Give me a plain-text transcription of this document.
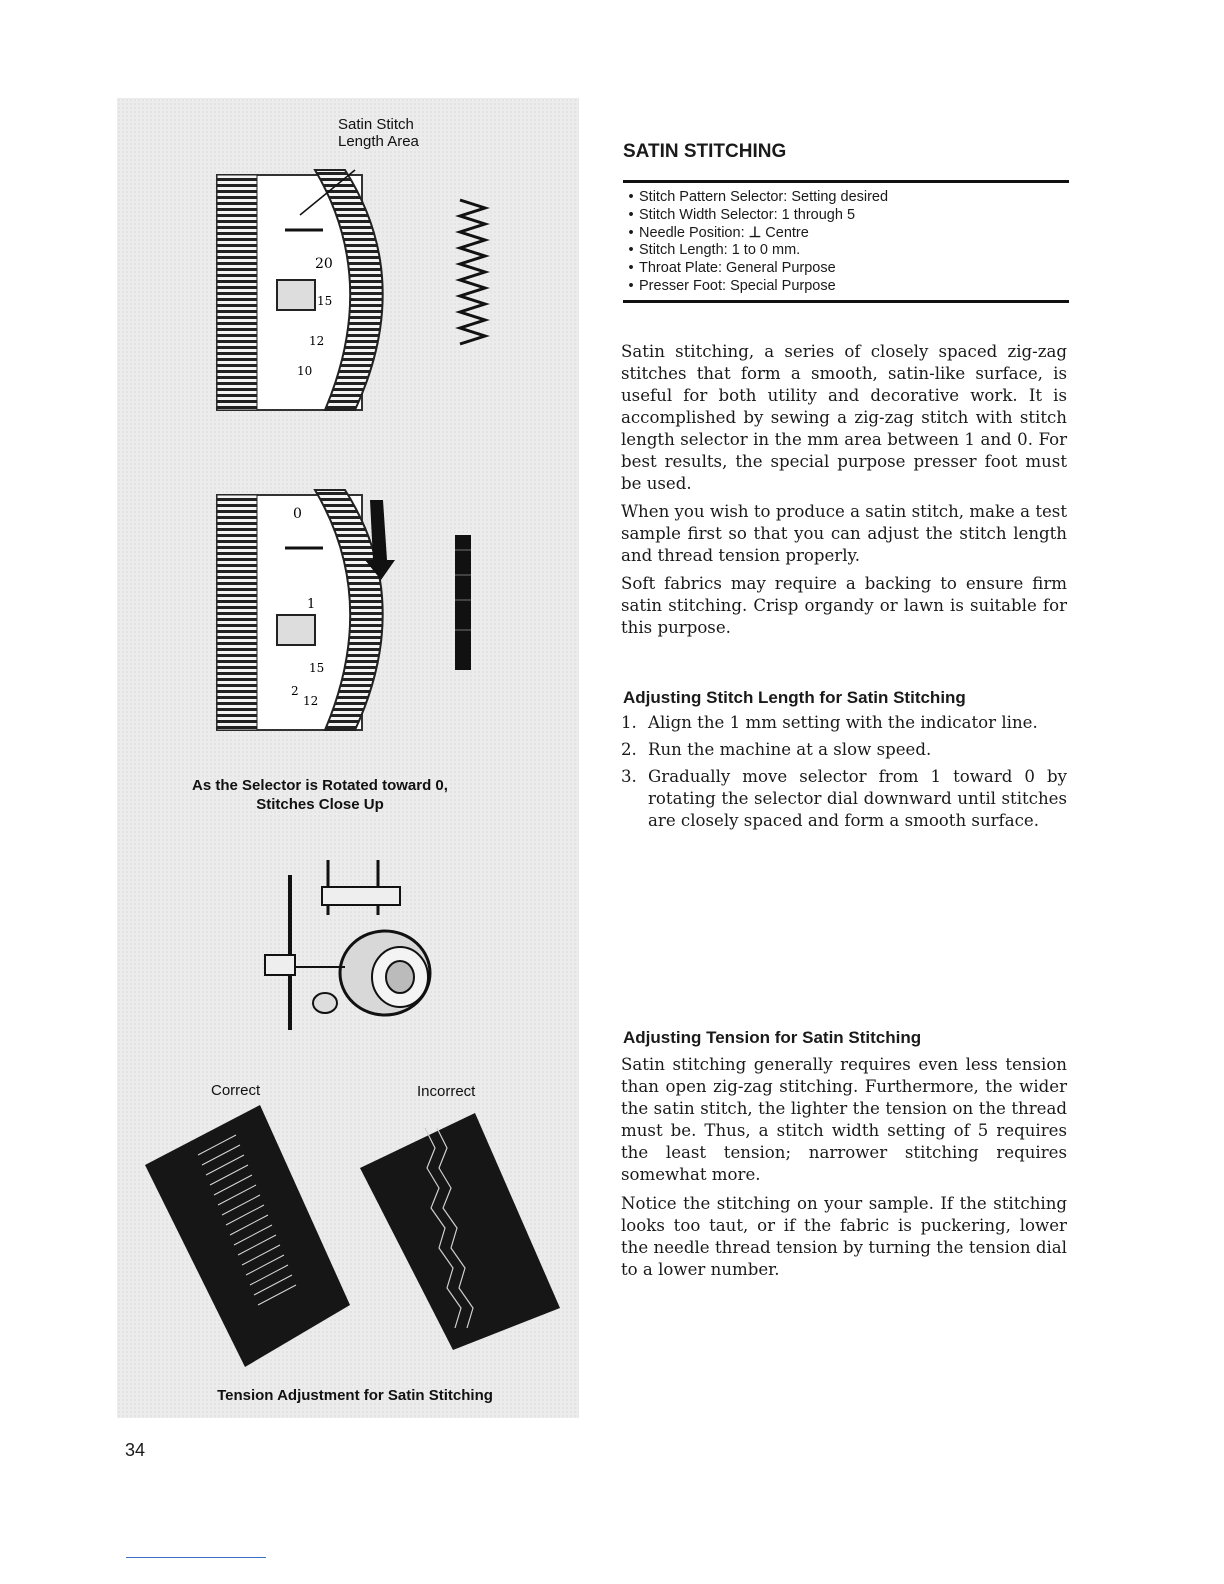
Satin Stitch Length Area
20
15
12
10
0
1
15
2
12
As the Selector is Rotated toward 0,
Stitches Close Up
Correct	Incorrect
Tension Adjustment for Satin Stitching
SATIN STITCHING
• Stitch Pattern Selector: Setting desired
• Stitch Width Selector: 1 through 5
• Needle Position: ⊥ Centre
• Stitch Length: 1 to 0 mm.
• Throat Plate: General Purpose
• Presser Foot: Special Purpose

Satin stitching, a series of closely spaced zig-zag stitches that form a smooth, satin-like surface, is useful for both utility and decorative work. It is accomplished by sewing a zig-zag stitch with stitch length selector in the mm area between 1 and 0. For best results, the special purpose presser foot must be used.

When you wish to produce a satin stitch, make a test sample first so that you can adjust the stitch length and thread tension properly.

Soft fabrics may require a backing to ensure firm satin stitching. Crisp organdy or lawn is suitable for this purpose.

Adjusting Stitch Length for Satin Stitching
1. Align the 1 mm setting with the indicator line.
2. Run the machine at a slow speed.
3. Gradually move selector from 1 toward 0 by rotating the selector dial downward until stitches are closely spaced and form a smooth surface.
Adjusting Tension for Satin Stitching

Satin stitching generally requires even less tension than open zig-zag stitching. Furthermore, the wider the satin stitch, the lighter the tension on the thread must be. Thus, a stitch width setting of 5 requires the least tension; narrower stitching requires somewhat more.

Notice the stitching on your sample. If the stitching looks too taut, or if the fabric is puckering, lower the needle thread tension by turning the tension dial to a lower number.

34
